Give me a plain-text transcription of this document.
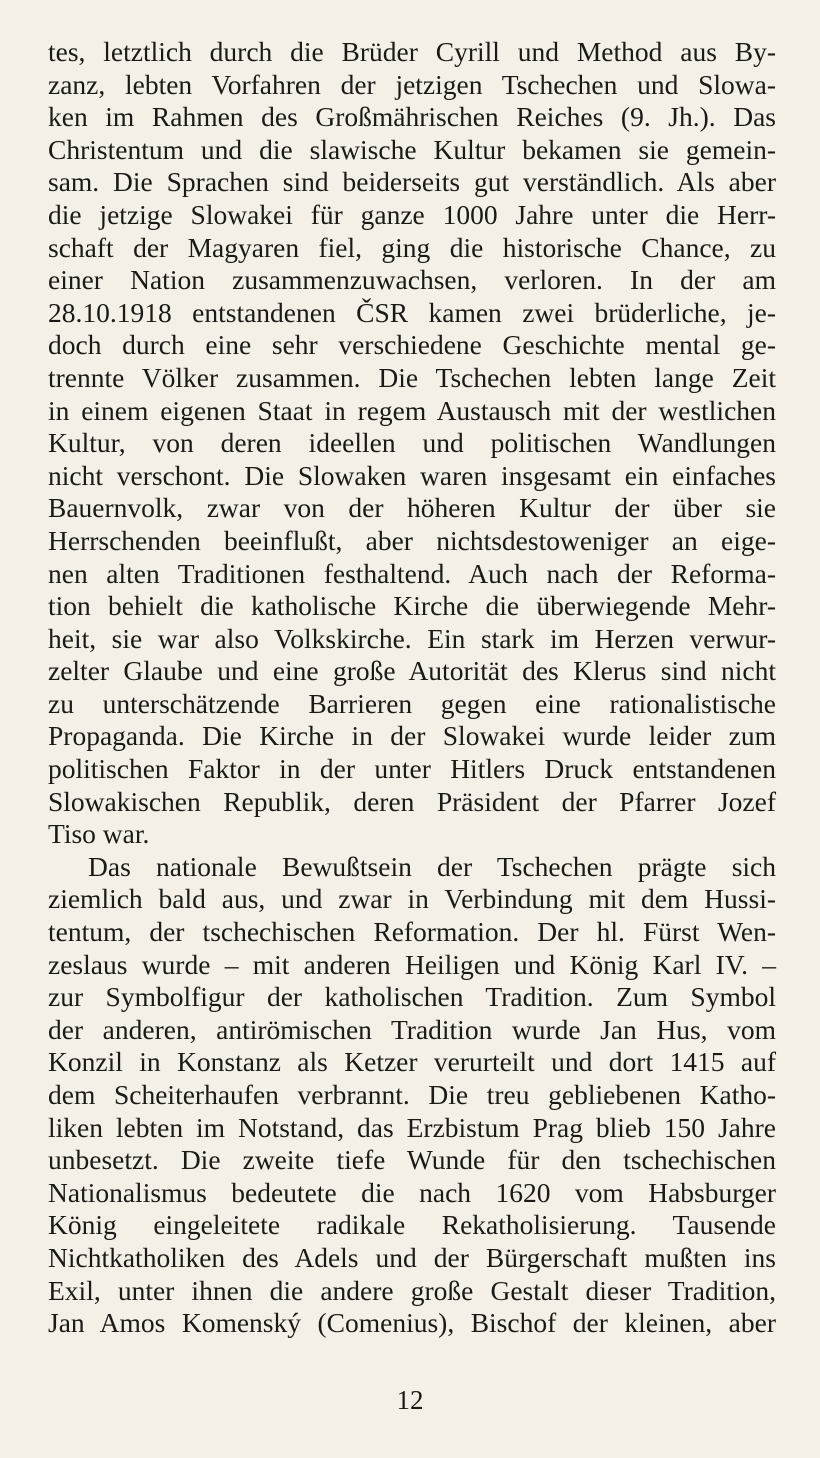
tes, letztlich durch die Brüder Cyrill und Method aus By-
zanz, lebten Vorfahren der jetzigen Tschechen und Slowa-
ken im Rahmen des Großmährischen Reiches (9. Jh.). Das
Christentum und die slawische Kultur bekamen sie gemein-
sam. Die Sprachen sind beiderseits gut verständlich. Als aber
die jetzige Slowakei für ganze 1000 Jahre unter die Herr-
schaft der Magyaren fiel, ging die historische Chance, zu
einer Nation zusammenzuwachsen, verloren. In der am
28.10.1918 entstandenen ČSR kamen zwei brüderliche, je-
doch durch eine sehr verschiedene Geschichte mental ge-
trennte Völker zusammen. Die Tschechen lebten lange Zeit
in einem eigenen Staat in regem Austausch mit der westlichen
Kultur, von deren ideellen und politischen Wandlungen
nicht verschont. Die Slowaken waren insgesamt ein einfaches
Bauernvolk, zwar von der höheren Kultur der über sie
Herrschenden beeinflußt, aber nichtsdestoweniger an eige-
nen alten Traditionen festhaltend. Auch nach der Reforma-
tion behielt die katholische Kirche die überwiegende Mehr-
heit, sie war also Volkskirche. Ein stark im Herzen verwur-
zelter Glaube und eine große Autorität des Klerus sind nicht
zu unterschätzende Barrieren gegen eine rationalistische
Propaganda. Die Kirche in der Slowakei wurde leider zum
politischen Faktor in der unter Hitlers Druck entstandenen
Slowakischen Republik, deren Präsident der Pfarrer Jozef
Tiso war.
Das nationale Bewußtsein der Tschechen prägte sich
ziemlich bald aus, und zwar in Verbindung mit dem Hussi-
tentum, der tschechischen Reformation. Der hl. Fürst Wen-
zeslaus wurde – mit anderen Heiligen und König Karl IV. –
zur Symbolfigur der katholischen Tradition. Zum Symbol
der anderen, antirömischen Tradition wurde Jan Hus, vom
Konzil in Konstanz als Ketzer verurteilt und dort 1415 auf
dem Scheiterhaufen verbrannt. Die treu gebliebenen Katho-
liken lebten im Notstand, das Erzbistum Prag blieb 150 Jahre
unbesetzt. Die zweite tiefe Wunde für den tschechischen
Nationalismus bedeutete die nach 1620 vom Habsburger
König eingeleitete radikale Rekatholisierung. Tausende
Nichtkatholiken des Adels und der Bürgerschaft mußten ins
Exil, unter ihnen die andere große Gestalt dieser Tradition,
Jan Amos Komenský (Comenius), Bischof der kleinen, aber
12
